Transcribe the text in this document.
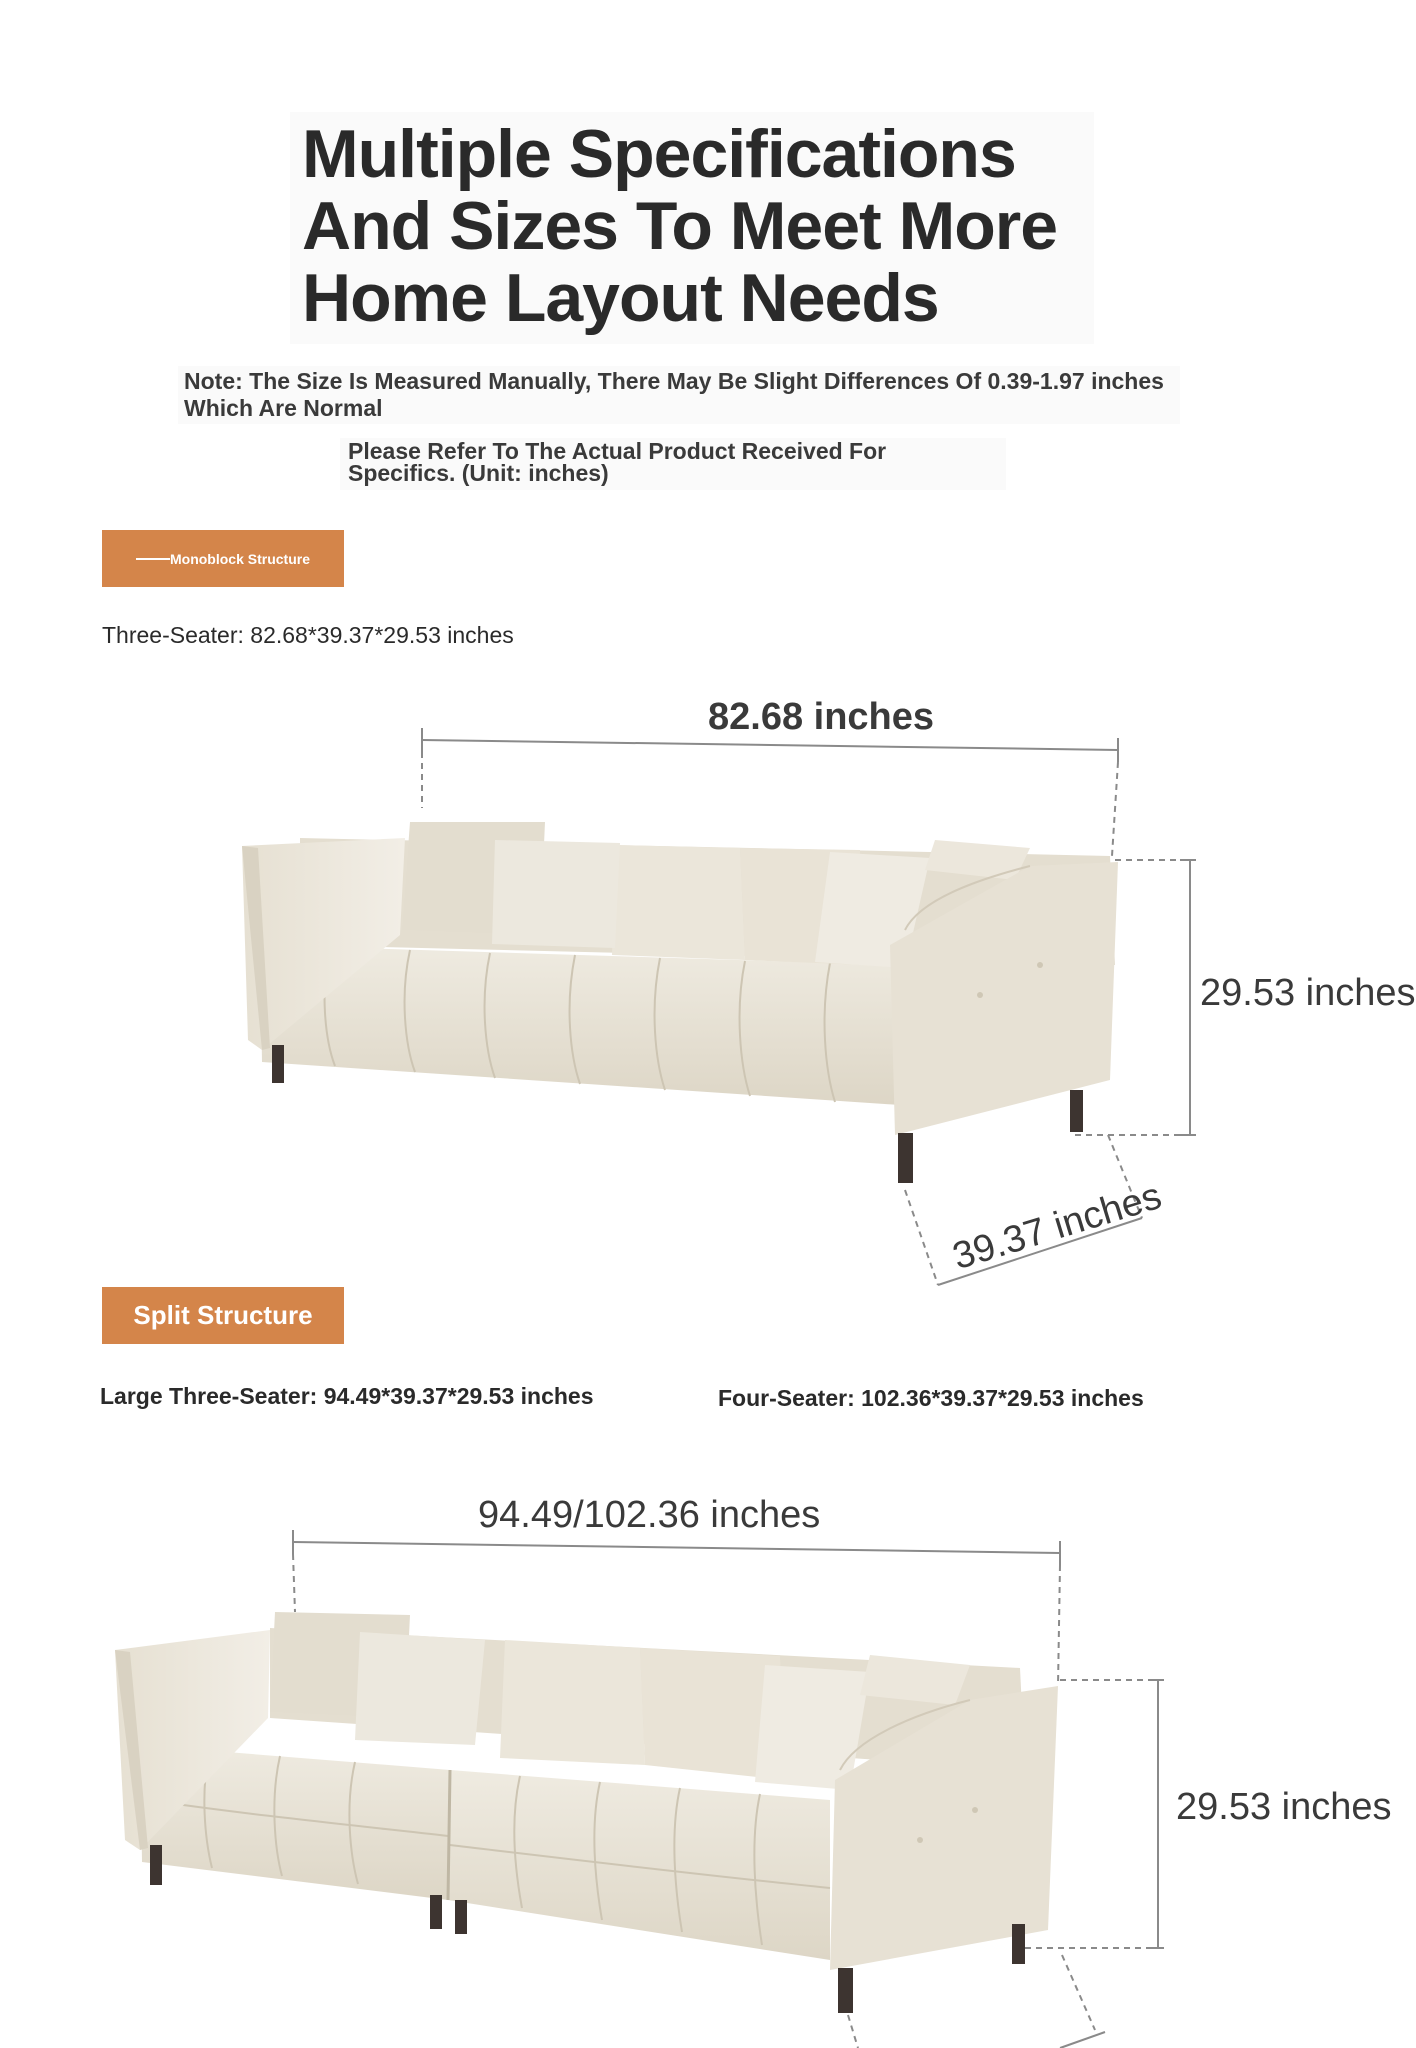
Multiple Specifications
And Sizes To Meet More
Home Layout Needs
Note: The Size Is Measured Manually, There May Be Slight Differences Of 0.39-1.97 inches Which Are Normal
Please Refer To The Actual Product Received For Specifics. (Unit: inches)
Monoblock Structure
Three-Seater: 82.68*39.37*29.53 inches
Split Structure
Large Three-Seater: 94.49*39.37*29.53 inches	Four-Seater: 102.36*39.37*29.53 inches
82.68 inches
29.53 inches
39.37 inches
94.49/102.36 inches
29.53 inches
